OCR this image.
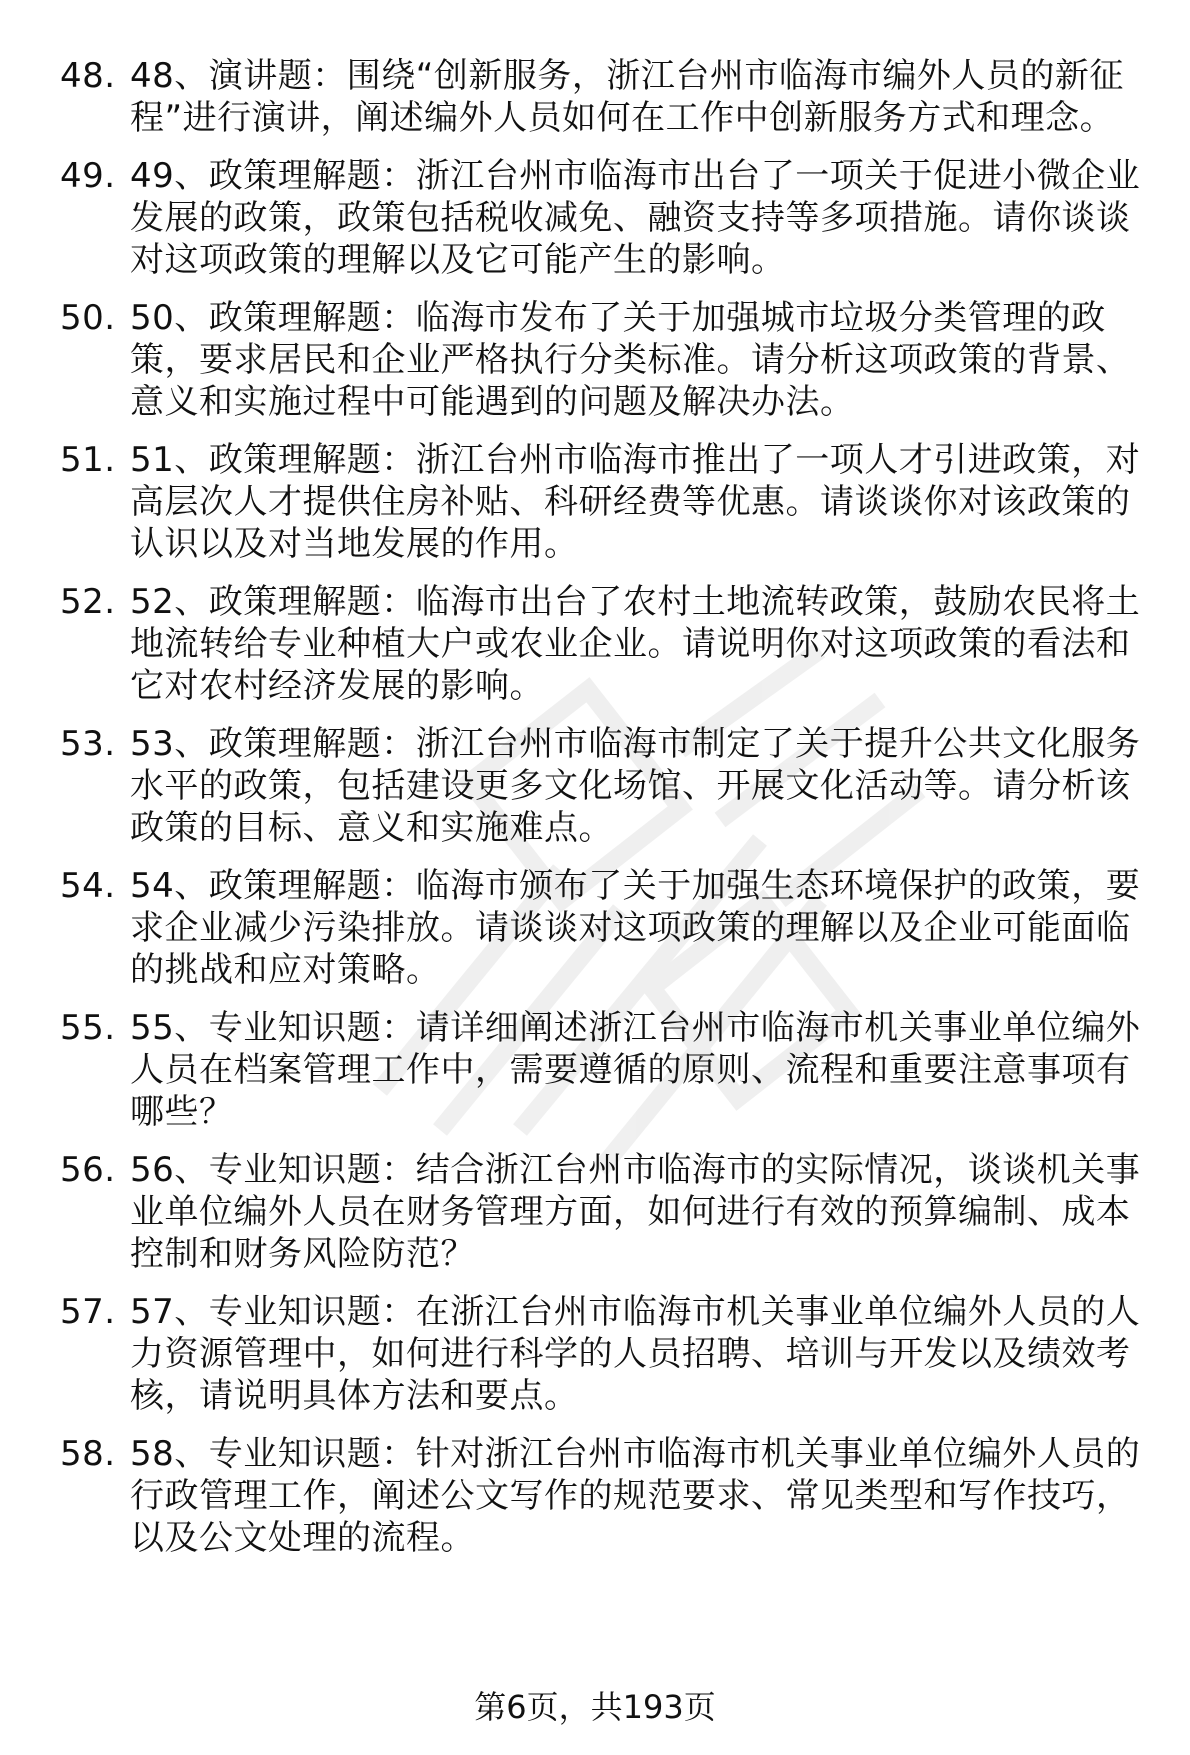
48. 48、演讲题：围绕“创新服务，浙江台州市临海市编外人员的新征程”进行演讲，阐述编外人员如何在工作中创新服务方式和理念。
49. 49、政策理解题：浙江台州市临海市出台了一项关于促进小微企业发展的政策，政策包括税收减免、融资支持等多项措施。请你谈谈对这项政策的理解以及它可能产生的影响。
50. 50、政策理解题：临海市发布了关于加强城市垃圾分类管理的政策，要求居民和企业严格执行分类标准。请分析这项政策的背景、意义和实施过程中可能遇到的问题及解决办法。
51. 51、政策理解题：浙江台州市临海市推出了一项人才引进政策，对高层次人才提供住房补贴、科研经费等优惠。请谈谈你对该政策的认识以及对当地发展的作用。
52. 52、政策理解题：临海市出台了农村土地流转政策，鼓励农民将土地流转给专业种植大户或农业企业。请说明你对这项政策的看法和它对农村经济发展的影响。
53. 53、政策理解题：浙江台州市临海市制定了关于提升公共文化服务水平的政策，包括建设更多文化场馆、开展文化活动等。请分析该政策的目标、意义和实施难点。
54. 54、政策理解题：临海市颁布了关于加强生态环境保护的政策，要求企业减少污染排放。请谈谈对这项政策的理解以及企业可能面临的挑战和应对策略。
55. 55、专业知识题：请详细阐述浙江台州市临海市机关事业单位编外人员在档案管理工作中，需要遵循的原则、流程和重要注意事项有哪些？
56. 56、专业知识题：结合浙江台州市临海市的实际情况，谈谈机关事业单位编外人员在财务管理方面，如何进行有效的预算编制、成本控制和财务风险防范？
57. 57、专业知识题：在浙江台州市临海市机关事业单位编外人员的人力资源管理中，如何进行科学的人员招聘、培训与开发以及绩效考核，请说明具体方法和要点。
58. 58、专业知识题：针对浙江台州市临海市机关事业单位编外人员的行政管理工作，阐述公文写作的规范要求、常见类型和写作技巧，以及公文处理的流程。
第6页，共193页
